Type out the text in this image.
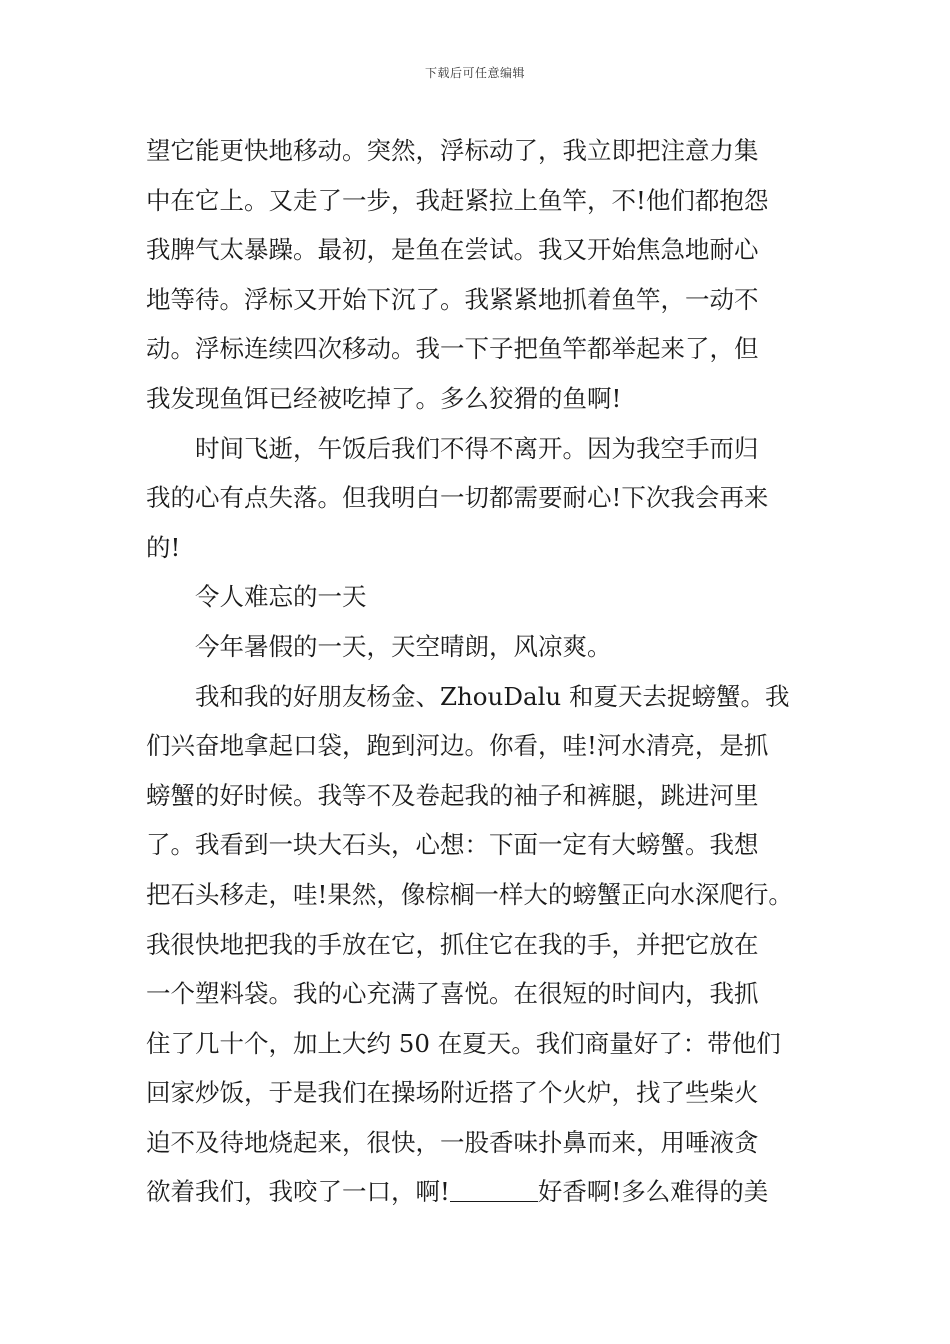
下载后可任意编辑
望它能更快地移动。突然，浮标动了，我立即把注意力集
中在它上。又走了一步，我赶紧拉上鱼竿，不!他们都抱怨
我脾气太暴躁。最初，是鱼在尝试。我又开始焦急地耐心
地等待。浮标又开始下沉了。我紧紧地抓着鱼竿，一动不
动。浮标连续四次移动。我一下子把鱼竿都举起来了，但
我发现鱼饵已经被吃掉了。多么狡猾的鱼啊!
时间飞逝，午饭后我们不得不离开。因为我空手而归
我的心有点失落。但我明白一切都需要耐心!下次我会再来
的!
令人难忘的一天
今年暑假的一天，天空晴朗，风凉爽。
我和我的好朋友杨金、ZhouDalu 和夏天去捉螃蟹。我
们兴奋地拿起口袋，跑到河边。你看，哇!河水清亮，是抓
螃蟹的好时候。我等不及卷起我的袖子和裤腿，跳进河里
了。我看到一块大石头，心想：下面一定有大螃蟹。我想
把石头移走，哇!果然，像棕榈一样大的螃蟹正向水深爬行。
我很快地把我的手放在它，抓住它在我的手，并把它放在
一个塑料袋。我的心充满了喜悦。在很短的时间内，我抓
住了几十个，加上大约 50 在夏天。我们商量好了：带他们
回家炒饭，于是我们在操场附近搭了个火炉，找了些柴火
迫不及待地烧起来，很快，一股香味扑鼻而来，用唾液贪
欲着我们，我咬了一口，啊!	好香啊!多么难得的美
